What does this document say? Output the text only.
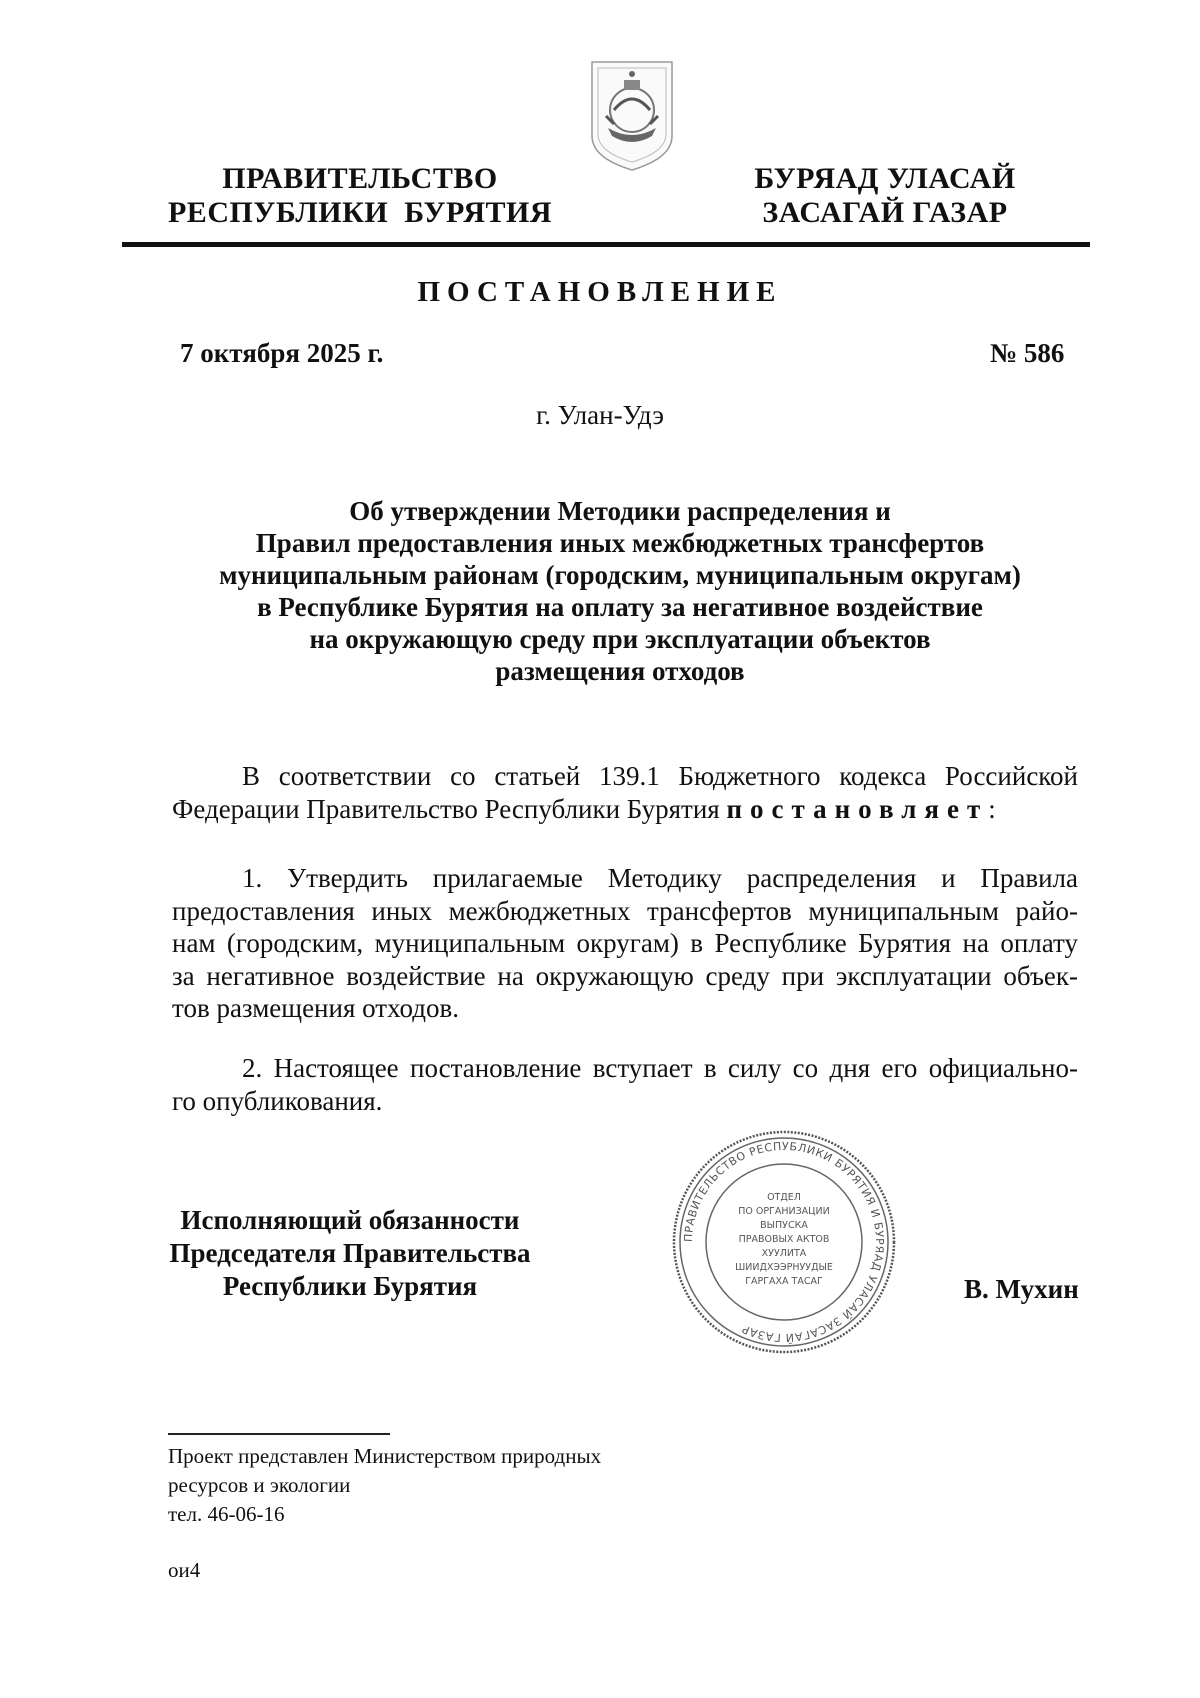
ПРАВИТЕЛЬСТВО
РЕСПУБЛИКИ  БУРЯТИЯ
БУРЯАД УЛАСАЙ
ЗАСАГАЙ ГАЗАР
ПОСТАНОВЛЕНИЕ
7 октября 2025 г.	№ 586
г. Улан-Удэ
Об утверждении Методики распределения и
Правил предоставления иных межбюджетных трансфертов
муниципальным районам (городским, муниципальным округам)
в Республике Бурятия на оплату за негативное воздействие
на окружающую среду при эксплуатации объектов
размещения отходов
В соответствии со статьей 139.1 Бюджетного кодекса Российской
Федерации Правительство Республики Бурятия постановляет:
1. Утвердить прилагаемые Методику распределения и Правила
предоставления иных межбюджетных трансфертов муниципальным райо-
нам (городским, муниципальным округам) в Республике Бурятия на оплату
за негативное воздействие на окружающую среду при эксплуатации объек-
тов размещения отходов.
2. Настоящее постановление вступает в силу со дня его официально-
го опубликования.
Исполняющий обязанности
Председателя Правительства
Республики Бурятия
ПРАВИТЕЛЬСТВО РЕСПУБЛИКИ БУРЯТИЯ И БУРЯАД УЛАСАЙ ЗАСАГАЙ ГАЗАР
ОТДЕЛ
ПО ОРГАНИЗАЦИИ
ВЫПУСКА
ПРАВОВЫХ АКТОВ
ХУУЛИТА
ШИИДХЭЭРНУУДЫЕ
ГАРГАХА ТАСАГ	В. Мухин
Проект представлен Министерством природных
ресурсов и экологии
тел. 46-06-16
ои4
